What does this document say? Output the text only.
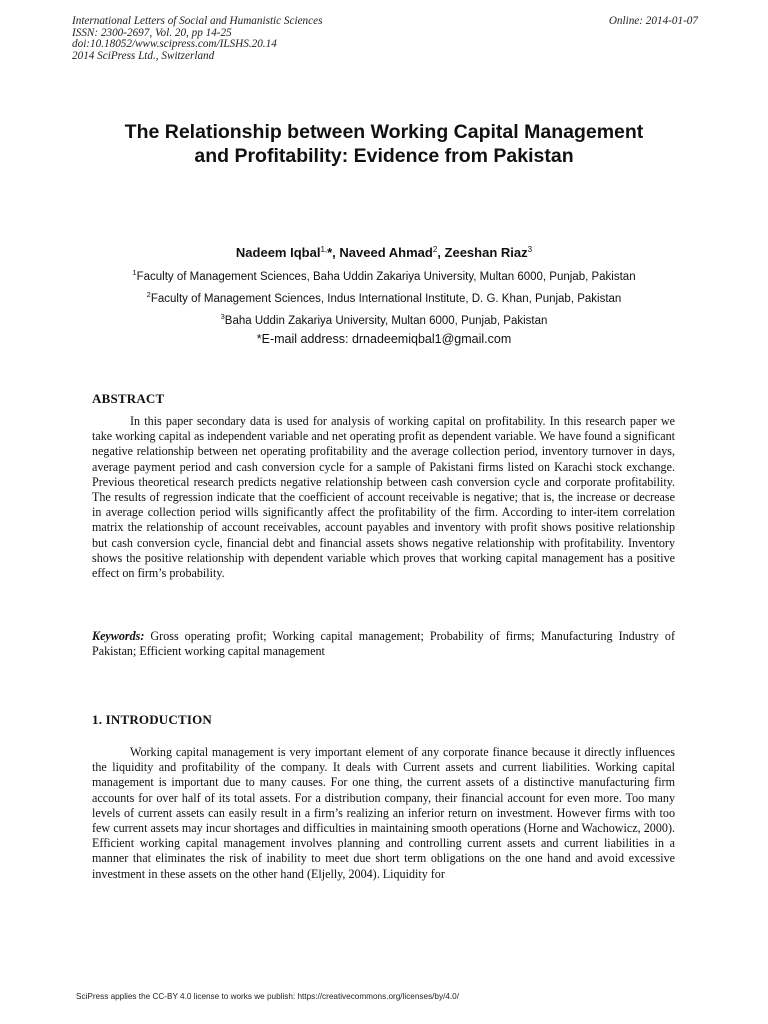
International Letters of Social and Humanistic Sciences
ISSN: 2300-2697, Vol. 20, pp 14-25
doi:10.18052/www.scipress.com/ILSHS.20.14
2014 SciPress Ltd., Switzerland
Online: 2014-01-07
The Relationship between Working Capital Management and Profitability: Evidence from Pakistan
Nadeem Iqbal$^{1,}$*, Naveed Ahmad$^2$, Zeeshan Riaz$^3$
$^1$Faculty of Management Sciences, Baha Uddin Zakariya University, Multan 6000, Punjab, Pakistan
$^2$Faculty of Management Sciences, Indus International Institute, D. G. Khan, Punjab, Pakistan
$^3$Baha Uddin Zakariya University, Multan 6000, Punjab, Pakistan
*E-mail address: drnadeemiqbal1@gmail.com
ABSTRACT
In this paper secondary data is used for analysis of working capital on profitability. In this research paper we take working capital as independent variable and net operating profit as dependent variable. We have found a significant negative relationship between net operating profitability and the average collection period, inventory turnover in days, average payment period and cash conversion cycle for a sample of Pakistani firms listed on Karachi stock exchange. Previous theoretical research predicts negative relationship between cash conversion cycle and corporate profitability. The results of regression indicate that the coefficient of account receivable is negative; that is, the increase or decrease in average collection period wills significantly affect the profitability of the firm. According to inter-item correlation matrix the relationship of account receivables, account payables and inventory with profit shows positive relationship but cash conversion cycle, financial debt and financial assets shows negative relationship with profitability. Inventory shows the positive relationship with dependent variable which proves that working capital management has a positive effect on firm’s probability.
Keywords: Gross operating profit; Working capital management; Probability of firms; Manufacturing Industry of Pakistan; Efficient working capital management
1. INTRODUCTION
Working capital management is very important element of any corporate finance because it directly influences the liquidity and profitability of the company. It deals with Current assets and current liabilities. Working capital management is important due to many causes. For one thing, the current assets of a distinctive manufacturing firm accounts for over half of its total assets. For a distribution company, their financial account for even more. Too many levels of current assets can easily result in a firm’s realizing an inferior return on investment. However firms with too few current assets may incur shortages and difficulties in maintaining smooth operations (Horne and Wachowicz, 2000). Efficient working capital management involves planning and controlling current assets and current liabilities in a manner that eliminates the risk of inability to meet due short term obligations on the one hand and avoid excessive investment in these assets on the other hand (Eljelly, 2004). Liquidity for
SciPress applies the CC-BY 4.0 license to works we publish: https://creativecommons.org/licenses/by/4.0/
